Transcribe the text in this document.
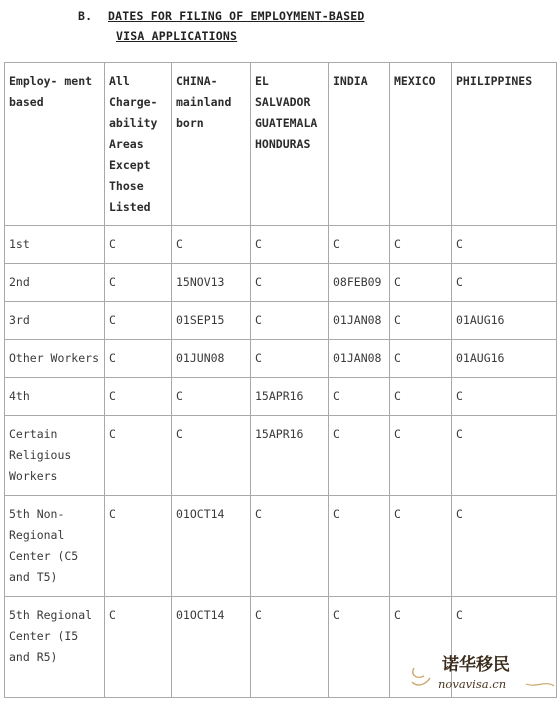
B. DATES FOR FILING OF EMPLOYMENT-BASED
VISA APPLICATIONS
Employ- ment based	All Charge- ability Areas Except Those Listed	CHINA- mainland born	EL SALVADOR GUATEMALA HONDURAS	INDIA	MEXICO	PHILIPPINES
1st	C	C	C	C	C	C
2nd	C	15NOV13	C	08FEB09	C	C
3rd	C	01SEP15	C	01JAN08	C	01AUG16
Other Workers	C	01JUN08	C	01JAN08	C	01AUG16
4th	C	C	15APR16	C	C	C
Certain Religious Workers	C	C	15APR16	C	C	C
5th Non-Regional Center (C5 and T5)	C	01OCT14	C	C	C	C
5th Regional Center (I5 and R5)	C	01OCT14	C	C	C	C
诺华移民
novavisa.cn
